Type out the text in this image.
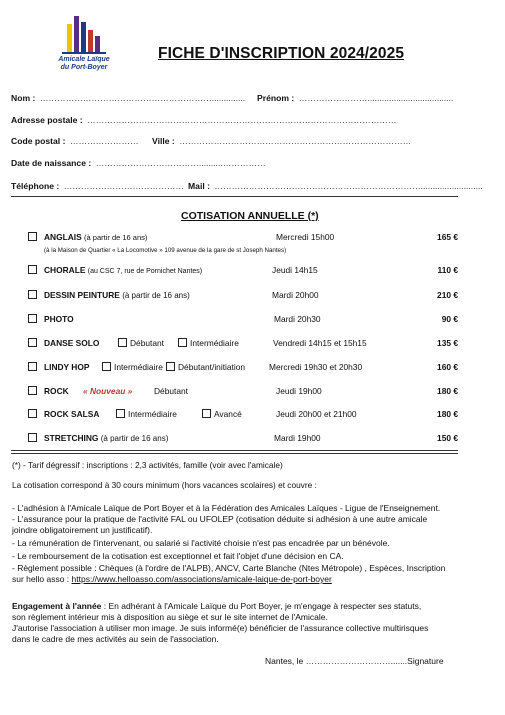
Amicale Laïque
du Port-Boyer
FICHE D'INSCRIPTION 2024/2025
Nom : …………………………………………………….............. Prénom : ……………………....................................
Adresse postale : ………………………………………………………………………………………………
Code postal : …………………… Ville : ………………………………………………………………………
Date de naissance : ………………………………..........……………
Téléphone : …………………………………… Mail : ………………………………………………………………..........................
COTISATION ANNUELLE (*)
ANGLAIS (à partir de 16 ans)	Mercredi 15h00	165 €
(à la Maison de Quartier « La Locomotive » 109 avenue de la gare de st Joseph Nantes)
CHORALE (au CSC 7, rue de Pornichet Nantes)	Jeudi 14h15	110 €
DESSIN PEINTURE (à partir de 16 ans)	Mardi 20h00	210 €
PHOTO	Mardi 20h30	90 €
DANSE SOLO	Débutant	Intermédiaire	Vendredi 14h15 et 15h15	135 €
LINDY HOP	Intermédiaire Débutant/initiation	Mercredi 19h30 et 20h30	160 €
ROCK « Nouveau »	Débutant	Jeudi 19h00	180 €
ROCK SALSA	Intermédiaire	Avancé	Jeudi 20h00 et 21h00	180 €
STRETCHING (à partir de 16 ans)	Mardi 19h00	150 €
(*) - Tarif dégressif : inscriptions : 2,3 activités, famille (voir avec l'amicale)
La cotisation correspond à 30 cours minimum (hors vacances scolaires) et couvre :
- L'adhésion à l'Amicale Laïque de Port Boyer et à la Fédération des Amicales Laïques - Ligue de l'Enseignement.
- L'assurance pour la pratique de l'activité FAL ou UFOLEP (cotisation déduite si adhésion à une autre amicale
joindre obligatoirement un justificatif).
- La rémunération de l'intervenant, ou salarié si l'activité choisie n'est pas encadrée par un bénévole.
- Le remboursement de la cotisation est exceptionnel et fait l'objet d'une décision en CA.
- Règlement possible : Chèques (à l'ordre de l'ALPB), ANCV, Carte Blanche (Ntes Métropole) , Espèces, Inscription
sur hello asso : https://www.helloasso.com/associations/amicale-laique-de-port-boyer
Engagement à l'année : En adhérant à l'Amicale Laïque du Port Boyer, je m'engage à respecter ses statuts,
son règlement intérieur mis à disposition au siège et sur le site internet de l'Amicale.
J'autorise l'association à utiliser mon image. Je suis informé(e) bénéficier de l'assurance collective multirisques
dans le cadre de mes activités au sein de l'association.
Nantes, le ………………………….......Signature
